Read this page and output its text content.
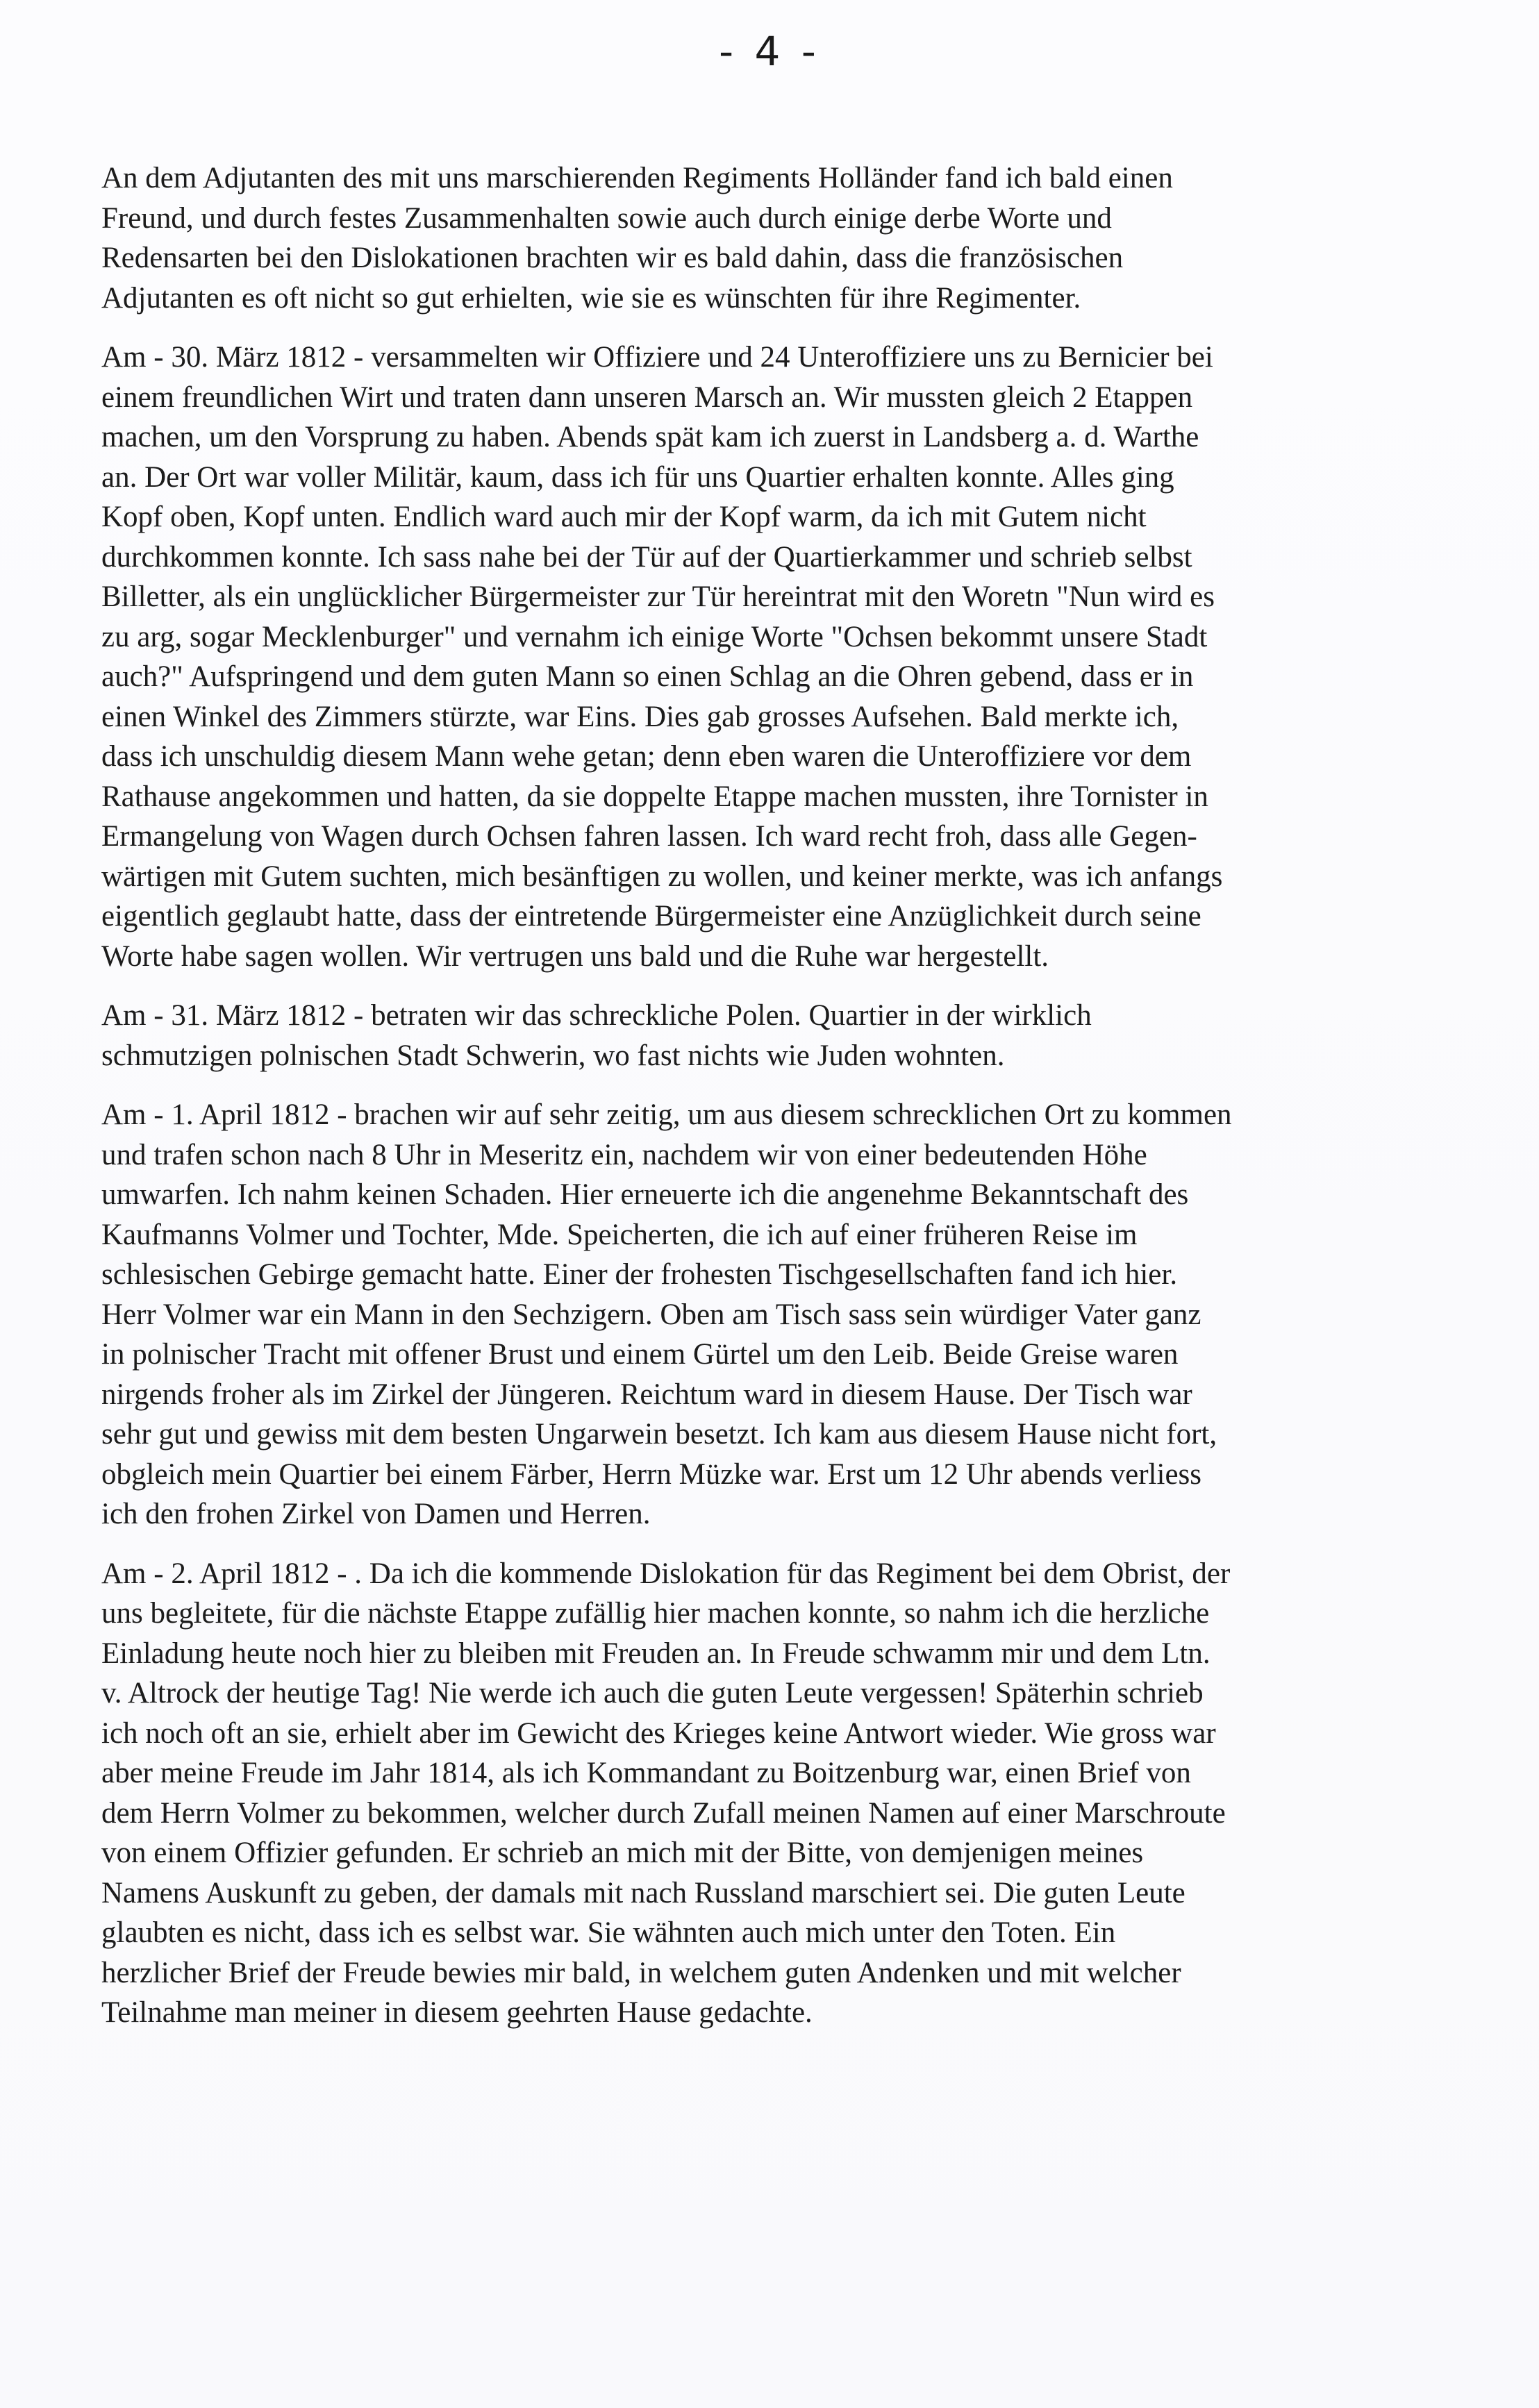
- 4 -

An dem Adjutanten des mit uns marschierenden Regiments Holländer fand ich bald einen
Freund, und durch festes Zusammenhalten sowie auch durch einige derbe Worte und
Redensarten bei den Dislokationen brachten wir es bald dahin, dass die französischen
Adjutanten es oft nicht so gut erhielten, wie sie es wünschten für ihre Regimenter.

Am - 30. März 1812 - versammelten wir Offiziere und 24 Unteroffiziere uns zu Bernicier bei
einem freundlichen Wirt und traten dann unseren Marsch an. Wir mussten gleich 2 Etappen
machen, um den Vorsprung zu haben. Abends spät kam ich zuerst in Landsberg a. d. Warthe
an. Der Ort war voller Militär, kaum, dass ich für uns Quartier erhalten konnte. Alles ging
Kopf oben, Kopf unten. Endlich ward auch mir der Kopf warm, da ich mit Gutem nicht
durchkommen konnte. Ich sass nahe bei der Tür auf der Quartierkammer und schrieb selbst
Billetter, als ein unglücklicher Bürgermeister zur Tür hereintrat mit den Woretn "Nun wird es
zu arg, sogar Mecklenburger" und vernahm ich einige Worte "Ochsen bekommt unsere Stadt
auch?" Aufspringend und dem guten Mann so einen Schlag an die Ohren gebend, dass er in
einen Winkel des Zimmers stürzte, war Eins. Dies gab grosses Aufsehen. Bald merkte ich,
dass ich unschuldig diesem Mann wehe getan; denn eben waren die Unteroffiziere vor dem
Rathause angekommen und hatten, da sie doppelte Etappe machen mussten, ihre Tornister in
Ermangelung von Wagen durch Ochsen fahren lassen. Ich ward recht froh, dass alle Gegen-
wärtigen mit Gutem suchten, mich besänftigen zu wollen, und keiner merkte, was ich anfangs
eigentlich geglaubt hatte, dass der eintretende Bürgermeister eine Anzüglichkeit durch seine
Worte habe sagen wollen. Wir vertrugen uns bald und die Ruhe war hergestellt.

Am - 31. März 1812 - betraten wir das schreckliche Polen. Quartier in der wirklich
schmutzigen polnischen Stadt Schwerin, wo fast nichts wie Juden wohnten.

Am - 1. April 1812 - brachen wir auf sehr zeitig, um aus diesem schrecklichen Ort zu kommen
und trafen schon nach 8 Uhr in Meseritz ein, nachdem wir von einer bedeutenden Höhe
umwarfen. Ich nahm keinen Schaden. Hier erneuerte ich die angenehme Bekanntschaft des
Kaufmanns Volmer und Tochter, Mde. Speicherten, die ich auf einer früheren Reise im
schlesischen Gebirge gemacht hatte. Einer der frohesten Tischgesellschaften fand ich hier.
Herr Volmer war ein Mann in den Sechzigern. Oben am Tisch sass sein würdiger Vater ganz
in polnischer Tracht mit offener Brust und einem Gürtel um den Leib. Beide Greise waren
nirgends froher als im Zirkel der Jüngeren. Reichtum ward in diesem Hause. Der Tisch war
sehr gut und gewiss mit dem besten Ungarwein besetzt. Ich kam aus diesem Hause nicht fort,
obgleich mein Quartier bei einem Färber, Herrn Müzke war. Erst um 12 Uhr abends verliess
ich den frohen Zirkel von Damen und Herren.

Am - 2. April 1812 - . Da ich die kommende Dislokation für das Regiment bei dem Obrist, der
uns begleitete, für die nächste Etappe zufällig hier machen konnte, so nahm ich die herzliche
Einladung heute noch hier zu bleiben mit Freuden an. In Freude schwamm mir und dem Ltn.
v. Altrock der heutige Tag! Nie werde ich auch die guten Leute vergessen! Späterhin schrieb
ich noch oft an sie, erhielt aber im Gewicht des Krieges keine Antwort wieder. Wie gross war
aber meine Freude im Jahr 1814, als ich Kommandant zu Boitzenburg war, einen Brief von
dem Herrn Volmer zu bekommen, welcher durch Zufall meinen Namen auf einer Marschroute
von einem Offizier gefunden. Er schrieb an mich mit der Bitte, von demjenigen meines
Namens Auskunft zu geben, der damals mit nach Russland marschiert sei. Die guten Leute
glaubten es nicht, dass ich es selbst war. Sie wähnten auch mich unter den Toten. Ein
herzlicher Brief der Freude bewies mir bald, in welchem guten Andenken und mit welcher
Teilnahme man meiner in diesem geehrten Hause gedachte.
